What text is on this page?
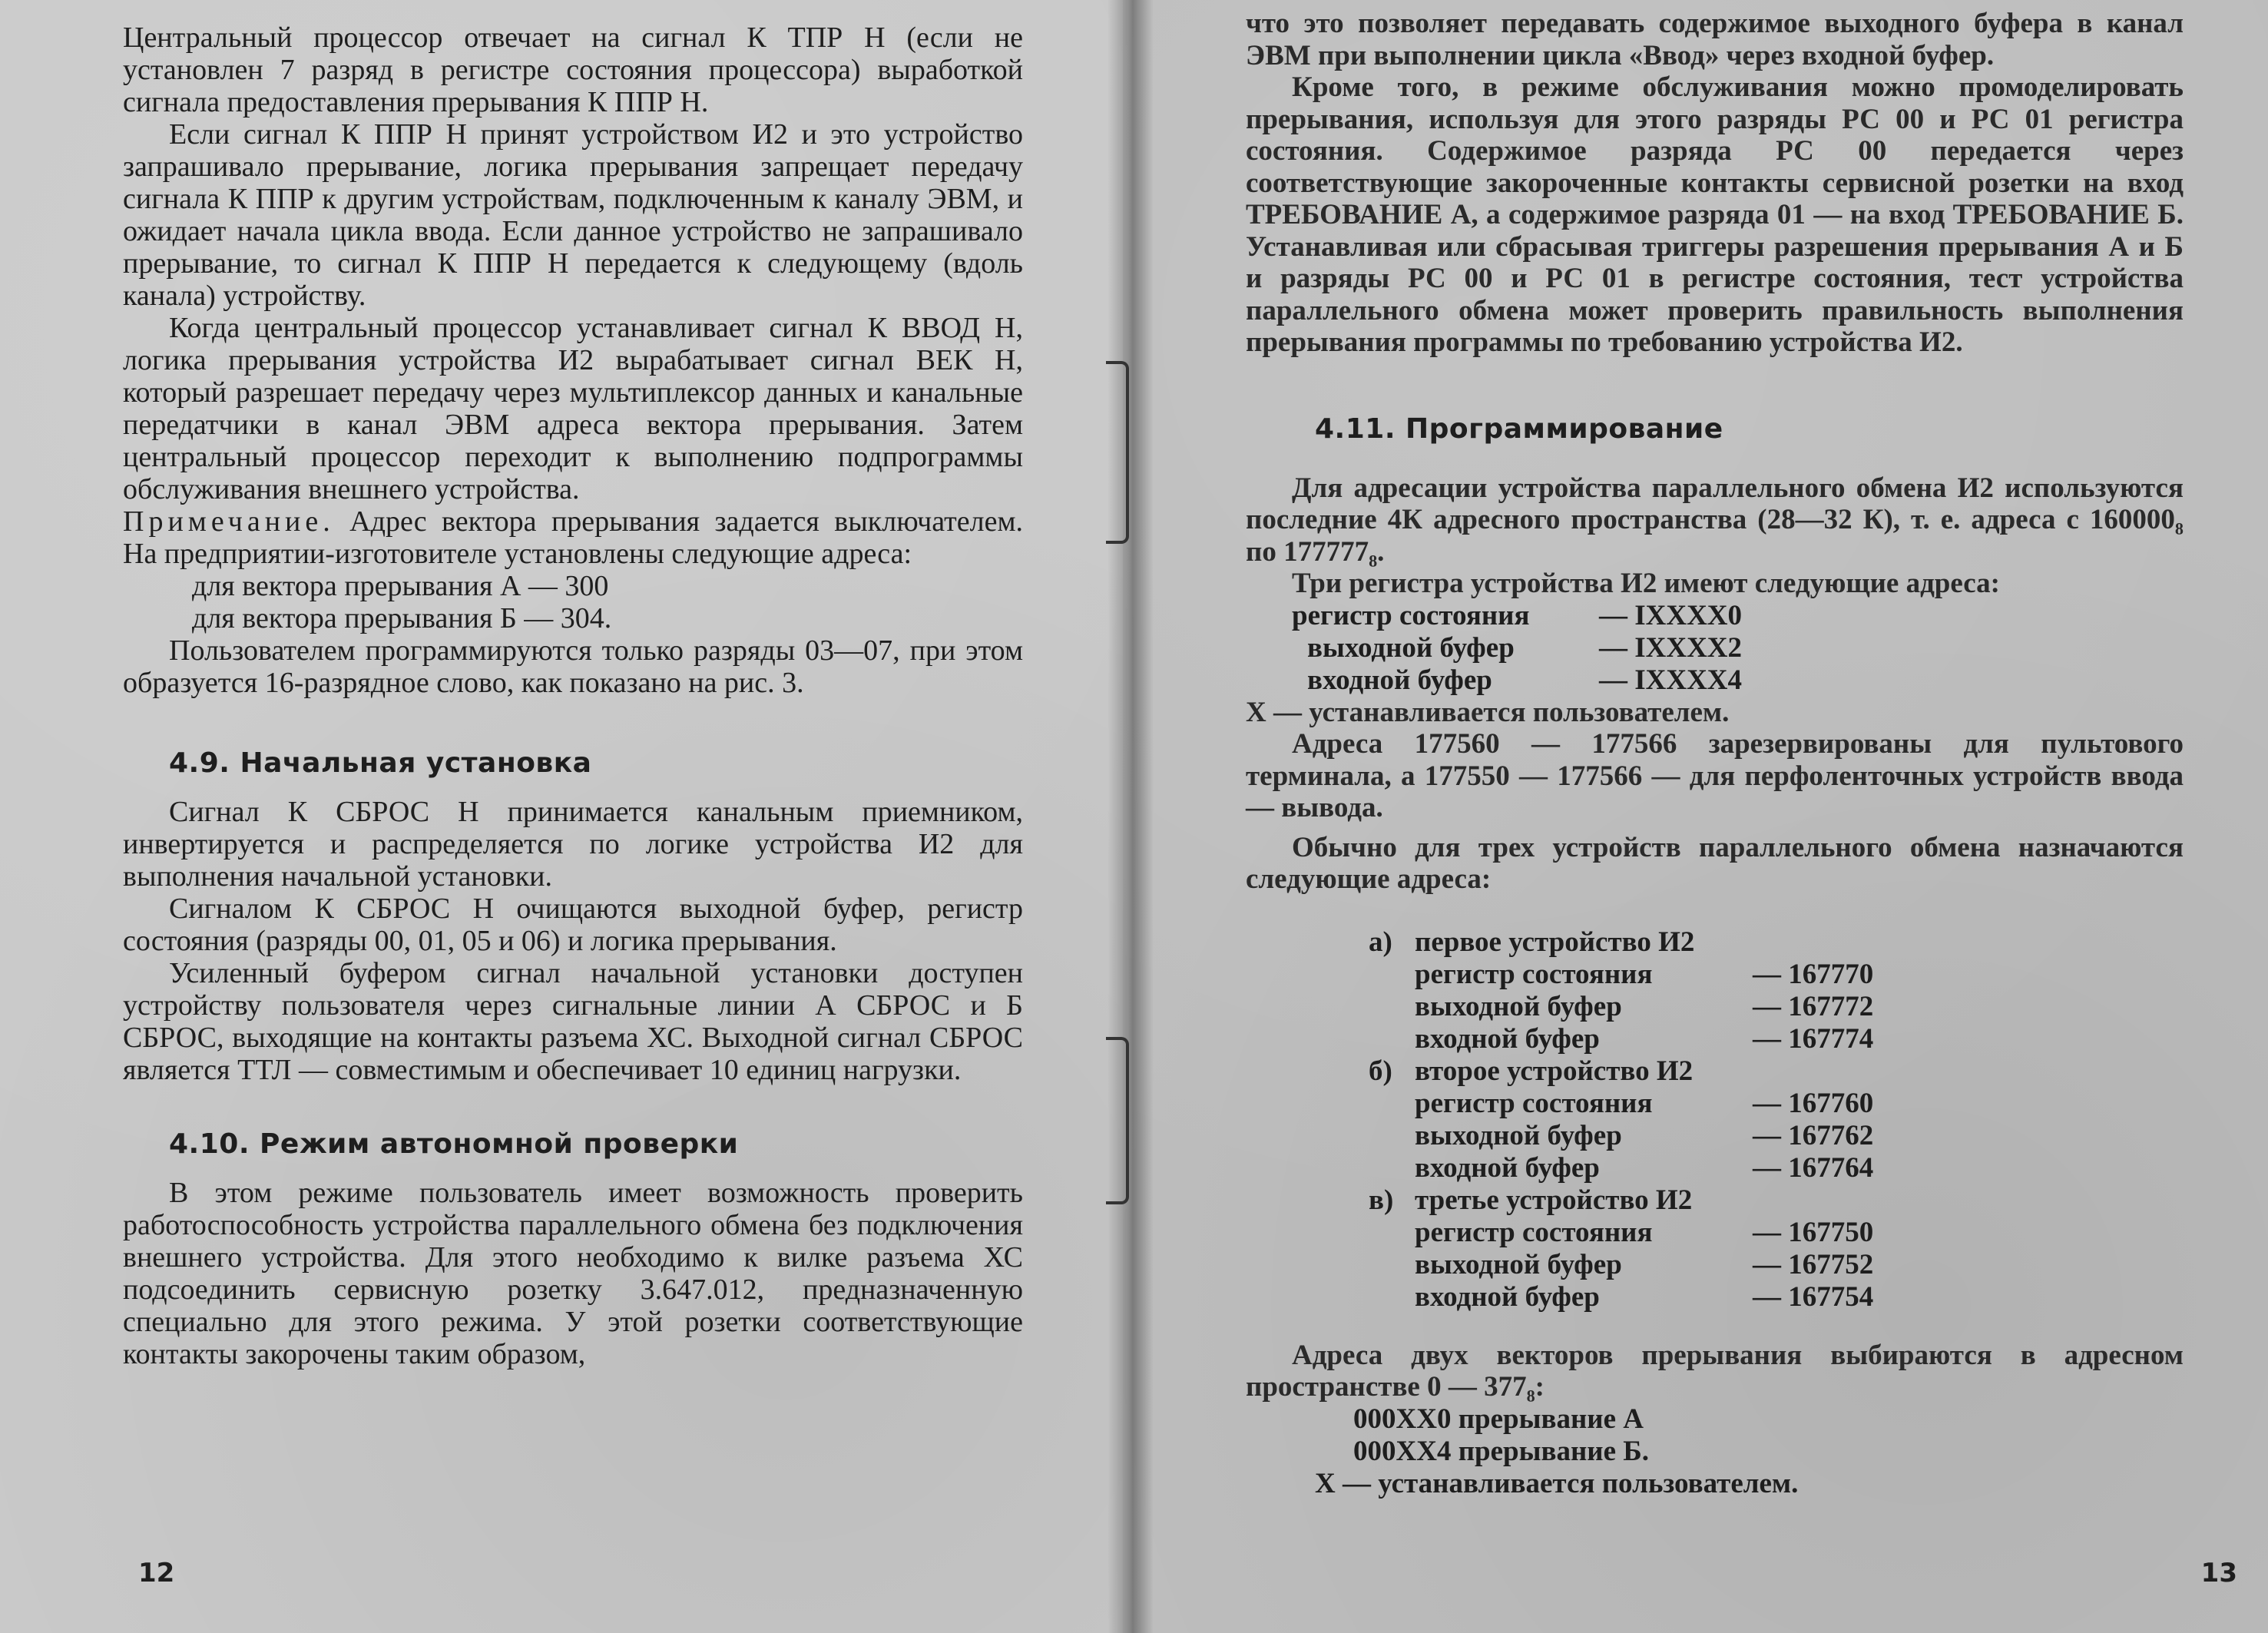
Центральный процессор отвечает на сигнал К ТПР Н (если не установлен 7 разряд в регистре состояния процессора) выработкой сигнала предоставления прерывания К ППР Н.

Если сигнал К ППР Н принят устройством И2 и это устройство запрашивало прерывание, логика прерывания запрещает передачу сигнала К ППР к другим устройствам, подключенным к каналу ЭВМ, и ожидает начала цикла ввода. Если данное устройство не запрашивало прерывание, то сигнал К ППР Н передается к следующему (вдоль канала) устройству.

Когда центральный процессор устанавливает сигнал К ВВОД Н, логика прерывания устройства И2 вырабатывает сигнал ВЕК Н, который разрешает передачу через мультиплексор данных и канальные передатчики в канал ЭВМ адреса вектора прерывания. Затем центральный процессор переходит к выполнению подпрограммы обслуживания внешнего устройства.

Примечание. Адрес вектора прерывания задается выключателем. На предприятии-изготовителе установлены следующие адреса:

для вектора прерывания А — 300
для вектора прерывания Б — 304.

Пользователем программируются только разряды 03—07, при этом образуется 16-разрядное слово, как показано на рис. 3.

4.9. Начальная установка

Сигнал К СБРОС Н принимается канальным приемником, инвертируется и распределяется по логике устройства И2 для выполнения начальной установки.

Сигналом К СБРОС Н очищаются выходной буфер, регистр состояния (разряды 00, 01, 05 и 06) и логика прерывания.

Усиленный буфером сигнал начальной установки доступен устройству пользователя через сигнальные линии А СБРОС и Б СБРОС, выходящие на контакты разъема ХС. Выходной сигнал СБРОС является ТТЛ — совместимым и обеспечивает 10 единиц нагрузки.

4.10. Режим автономной проверки

В этом режиме пользователь имеет возможность проверить работоспособность устройства параллельного обмена без подключения внешнего устройства. Для этого необходимо к вилке разъема ХС подсоединить сервисную розетку 3.647.012, предназначенную специально для этого режима. У этой розетки соответствующие контакты закорочены таким образом,

12

что это позволяет передавать содержимое выходного буфера в канал ЭВМ при выполнении цикла «Ввод» через входной буфер.

Кроме того, в режиме обслуживания можно промоделировать прерывания, используя для этого разряды РС 00 и РС 01 регистра состояния. Содержимое разряда РС 00 передается через соответствующие закороченные контакты сервисной розетки на вход ТРЕБОВАНИЕ А, а содержимое разряда 01 — на вход ТРЕБОВАНИЕ Б. Устанавливая или сбрасывая триггеры разрешения прерывания А и Б и разряды РС 00 и РС 01 в регистре состояния, тест устройства параллельного обмена может проверить правильность выполнения прерывания программы по требованию устройства И2.

4.11. Программирование

Для адресации устройства параллельного обмена И2 используются последние 4К адресного пространства (28—32 К), т. е. адреса с 160000₈ по 177777₈.

Три регистра устройства И2 имеют следующие адреса:

регистр состояния	— IXXXX0
выходной буфер	— IXXXX2
входной буфер	— IXXXX4

Х — устанавливается пользователем.

Адреса 177560 — 177566 зарезервированы для пультового терминала, а 177550 — 177566 — для перфоленточных устройств ввода — вывода.

Обычно для трех устройств параллельного обмена назначаются следующие адреса:

а) первое устройство И2
регистр состояния	— 167770
выходной буфер	— 167772
входной буфер	— 167774
б) второе устройство И2
регистр состояния	— 167760
выходной буфер	— 167762
входной буфер	— 167764
в) третье устройство И2
регистр состояния	— 167750
выходной буфер	— 167752
входной буфер	— 167754

Адреса двух векторов прерывания выбираются в адресном пространстве 0 — 377₈:

000ХХ0 прерывание А
000ХХ4 прерывание Б.
Х — устанавливается пользователем.
13
